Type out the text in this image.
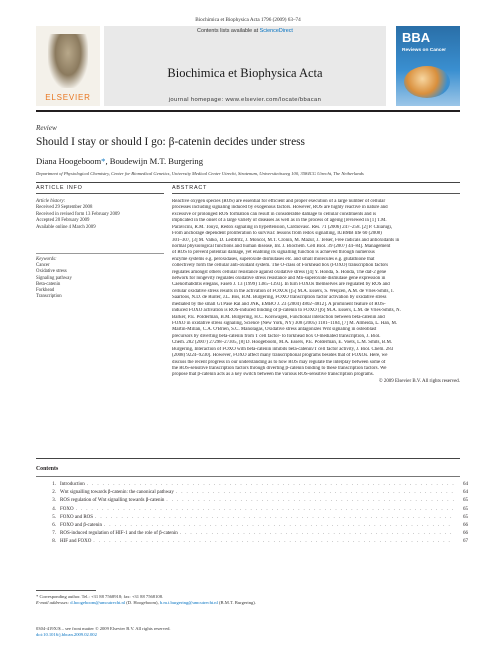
Biochimica et Biophysica Acta 1796 (2009) 63–74
ELSEVIER
Contents lists available at ScienceDirect
Biochimica et Biophysica Acta
journal homepage: www.elsevier.com/locate/bbacan
BBA
Reviews on Cancer
Review
Should I stay or should I go: β-catenin decides under stress
Diana Hoogeboom*, Boudewijn M.T. Burgering
Department of Physiological Chemistry, Center for Biomedical Genetics, University Medical Center Utrecht, Stratenum, Universiteitsweg 100, 3584CG Utrecht, The Netherlands
ARTICLE INFO	ABSTRACT
Article history:
Received 29 September 2008
Received in revised form 13 February 2009
Accepted 20 February 2009
Available online 4 March 2009
Keywords:
Cancer
Oxidative stress
Signaling pathway
Beta-catenin
Forkhead
Transcription
Reactive oxygen species (ROS) are essential for efficient and proper execution of a large number of cellular
processes including signaling induced by exogenous factors. However, ROS are highly reactive in nature and
excessive or prolonged ROS formation can result in considerable damage to cellular constituents and is
implicated in the onset of a large variety of diseases as well as in the process of ageing [reviewed in [1] T.M.
Paravicini, R.M. Touyz, Redox signaling in hypertension, Cardiovasc. Res. 71 (2006) 247–258. [2] P. Chiarugi,
From anchorage dependent proliferation to survival: lessons from redox signalling, IUBMB life 60 (2008)
301–307, [3] M. Valko, D. Leibfritz, J. Moncol, M.T. Cronin, M. Mazur, J. Telser, Free radicals and antioxidants in
normal physiological functions and human disease, Int. J. Biochem. Cell Biol. 39 (2007) 44–84]. Management
of ROS to prevent potential damage, yet enabling its signalling function is achieved through numerous
enzyme systems e.g. peroxidases, superoxide dismutases etc. and small molecules e.g. glutathione that
collectively form the cellular anti-oxidant system. The O-class of Forkhead box (FOXO) transcription factors
regulates amongst others cellular resistance against oxidative stress ([4] Y. Honda, S. Honda, The daf-2 gene
network for longevity regulates oxidative stress resistance and Mn-superoxide dismutase gene expression in
Caenorhabditis elegans, Faseb J. 13 (1999) 1385–1393]. In turn FOXOs themselves are regulated by ROS and
cellular oxidative stress results in the activation of FOXOs ([5] M.A. Essers, S. Weijzen, A.M. de Vries-Smits, I.
Saarloos, N.D. de Ruiter, J.L. Bos, B.M. Burgering, FOXO transcription factor activation by oxidative stress
mediated by the small GTPase Ral and JNK, EMBO J. 23 (2004) 4802–4812]. A prominent feature of ROS-
induced FOXO activation is ROS-induced binding of β-catenin to FOXO ([6] M.A. Essers, L.M. de Vries-Smits, N.
Barker, P.E. Polderman, B.M. Burgering, H.C. Korswagen, Functional interaction between beta-catenin and
FOXO in oxidative stress signaling, Science (New York, NY) 308 (2005) 1181–1184, [7] M. Almeida, L. Han, M.
Martin-Millan, C.A. O'Brien, S.C. Manolagas, Oxidative stress antagonizes Wnt signaling in osteoblast
precursors by diverting beta-catenin from T cell factor- to forkhead box O-mediated transcription, J. Biol.
Chem. 282 (2007) 27298–27305, [8] D. Hoogeboom, M.A. Essers, P.E. Polderman, E. Voets, L.M. Smits, B.M.
Burgering, Interaction of FOXO with beta-catenin inhibits beta-catenin/T cell factor activity, J. Biol. Chem. 283
(2008) 9224–9230]. However, FOXO affect many transcriptional programs besides that of FOXOs. Here, we
discuss the recent progress in our understanding as to how ROS may regulate the interplay between some of
the ROS-sensitive transcription factors through diverting β-catenin binding to these transcription factors. We
propose that β-catenin acts as a key switch between the various ROS-sensitive transcription programs.
© 2009 Elsevier B.V. All rights reserved.
Contents
1. Introduction . . .	64
2. Wnt signalling towards β-catenin: the canonical pathway . . .	64
3. ROS regulation of Wnt signalling towards β-catenin . . .	65
4. FOXO . . .	65
5. FOXO and ROS . . .	65
6. FOXO and β-catenin . . .	66
7. ROS-induced regulation of HIF-1 and the role of β-catenin . . .	66
8. HIF and FOXO . . .	67
* Corresponding author. Tel.: +31 88 7568918; fax: +31 88 7568108.
E-mail addresses: d.hoogeboom@umcutrecht.nl (D. Hoogeboom), b.m.t.burgering@umcutrecht.nl (B.M.T. Burgering).
0304-419X/$ – see front matter © 2009 Elsevier B.V. All rights reserved.
doi:10.1016/j.bbcan.2009.02.002
